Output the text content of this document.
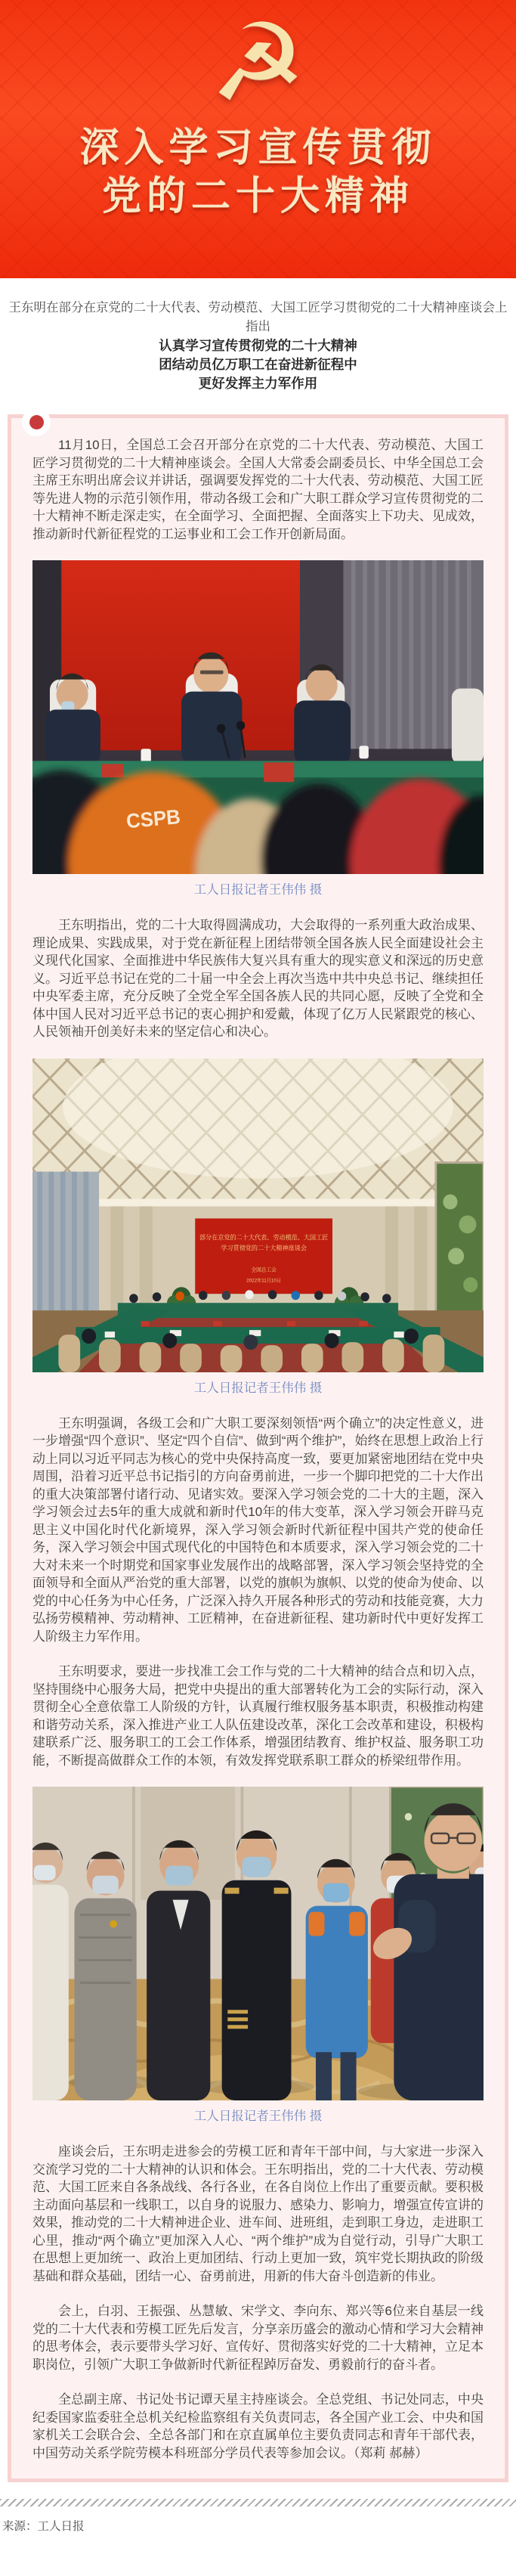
☭
深入学习宣传贯彻
党的二十大精神

王东明在部分在京党的二十大代表、劳动模范、大国工匠学习贯彻党的二十大精神座谈会上

指出

认真学习宣传贯彻党的二十大精神

团结动员亿万职工在奋进新征程中

更好发挥主力军作用

11月10日，全国总工会召开部分在京党的二十大代表、劳动模范、大国工匠学习贯彻党的二十大精神座谈会。全国人大常委会副委员长、中华全国总工会主席王东明出席会议并讲话，强调要发挥党的二十大代表、劳动模范、大国工匠等先进人物的示范引领作用，带动各级工会和广大职工群众学习宣传贯彻党的二十大精神不断走深走实，在全面学习、全面把握、全面落实上下功夫、见成效，推动新时代新征程党的工运事业和工会工作开创新局面。

CSPB
工人日报记者王伟伟 摄

王东明指出，党的二十大取得圆满成功，大会取得的一系列重大政治成果、理论成果、实践成果，对于党在新征程上团结带领全国各族人民全面建设社会主义现代化国家、全面推进中华民族伟大复兴具有重大的现实意义和深远的历史意义。习近平总书记在党的二十届一中全会上再次当选中共中央总书记、继续担任中央军委主席，充分反映了全党全军全国各族人民的共同心愿，反映了全党和全体中国人民对习近平总书记的衷心拥护和爱戴，体现了亿万人民紧跟党的核心、人民领袖开创美好未来的坚定信心和决心。

部分在京党的二十大代表、劳动模范、大国工匠
学习贯彻党的二十大精神座谈会
全国总工会
2022年11月10日
工人日报记者王伟伟 摄

王东明强调，各级工会和广大职工要深刻领悟“两个确立”的决定性意义，进一步增强“四个意识”、坚定“四个自信”、做到“两个维护”，始终在思想上政治上行动上同以习近平同志为核心的党中央保持高度一致，要更加紧密地团结在党中央周围，沿着习近平总书记指引的方向奋勇前进，一步一个脚印把党的二十大作出的重大决策部署付诸行动、见诸实效。要深入学习领会党的二十大的主题，深入学习领会过去5年的重大成就和新时代10年的伟大变革，深入学习领会开辟马克思主义中国化时代化新境界，深入学习领会新时代新征程中国共产党的使命任务，深入学习领会中国式现代化的中国特色和本质要求，深入学习领会党的二十大对未来一个时期党和国家事业发展作出的战略部署，深入学习领会坚持党的全面领导和全面从严治党的重大部署，以党的旗帜为旗帜、以党的使命为使命、以党的中心任务为中心任务，广泛深入持久开展各种形式的劳动和技能竞赛，大力弘扬劳模精神、劳动精神、工匠精神，在奋进新征程、建功新时代中更好发挥工人阶级主力军作用。

王东明要求，要进一步找准工会工作与党的二十大精神的结合点和切入点，坚持围绕中心服务大局，把党中央提出的重大部署转化为工会的实际行动，深入贯彻全心全意依靠工人阶级的方针，认真履行维权服务基本职责，积极推动构建和谐劳动关系，深入推进产业工人队伍建设改革，深化工会改革和建设，积极构建联系广泛、服务职工的工会工作体系，增强团结教育、维护权益、服务职工功能，不断提高做群众工作的本领，有效发挥党联系职工群众的桥梁纽带作用。

工人日报记者王伟伟 摄

座谈会后，王东明走进参会的劳模工匠和青年干部中间，与大家进一步深入交流学习党的二十大精神的认识和体会。王东明指出，党的二十大代表、劳动模范、大国工匠来自各条战线、各行各业，在各自岗位上作出了重要贡献。要积极主动面向基层和一线职工，以自身的说服力、感染力、影响力，增强宣传宣讲的效果，推动党的二十大精神进企业、进车间、进班组，走到职工身边，走进职工心里，推动“两个确立”更加深入人心、“两个维护”成为自觉行动，引导广大职工在思想上更加统一、政治上更加团结、行动上更加一致，筑牢党长期执政的阶级基础和群众基础，团结一心、奋勇前进，用新的伟大奋斗创造新的伟业。

会上，白羽、王振强、丛慧敏、宋学文、李向东、郑兴等6位来自基层一线党的二十大代表和劳模工匠先后发言，分享亲历盛会的激动心情和学习大会精神的思考体会，表示要带头学习好、宣传好、贯彻落实好党的二十大精神，立足本职岗位，引领广大职工争做新时代新征程踔厉奋发、勇毅前行的奋斗者。

全总副主席、书记处书记谭天星主持座谈会。全总党组、书记处同志，中央纪委国家监委驻全总机关纪检监察组有关负责同志，各全国产业工会、中央和国家机关工会联合会、全总各部门和在京直属单位主要负责同志和青年干部代表，中国劳动关系学院劳模本科班部分学员代表等参加会议。（郑莉 郝赫）

来源：工人日报
